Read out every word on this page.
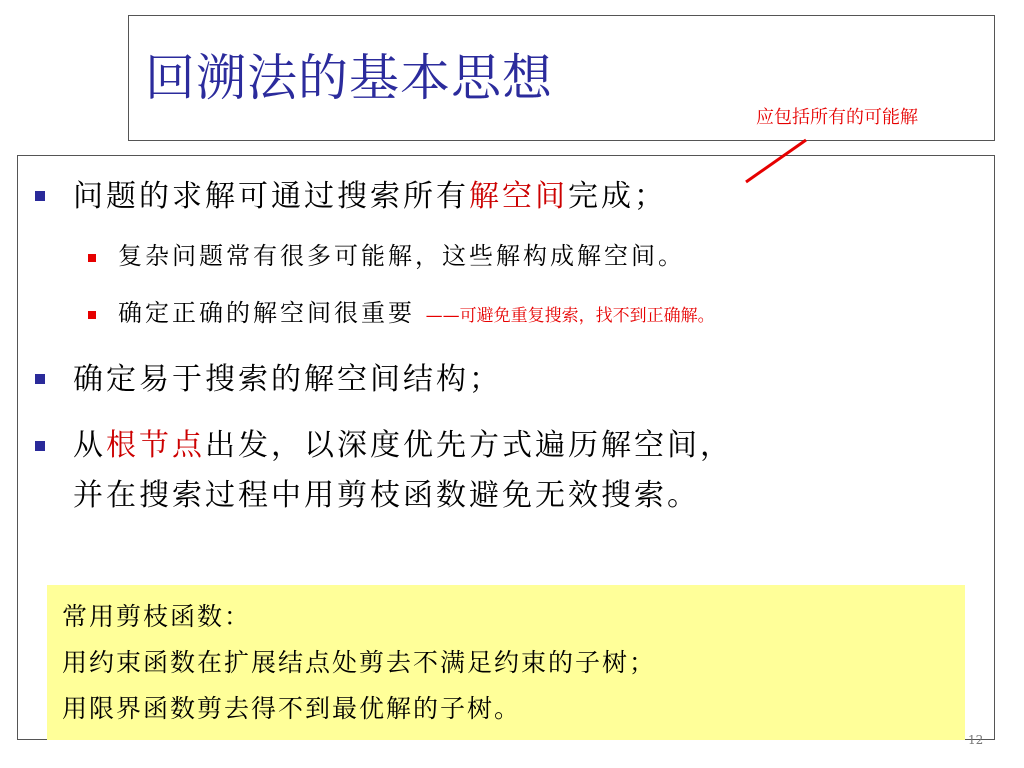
回溯法的基本思想
应包括所有的可能解
问题的求解可通过搜索所有解空间完成；
复杂问题常有很多可能解，这些解构成解空间。
确定正确的解空间很重要 ——可避免重复搜索，找不到正确解。
确定易于搜索的解空间结构；
从根节点出发，以深度优先方式遍历解空间，
并在搜索过程中用剪枝函数避免无效搜索。
常用剪枝函数：
用约束函数在扩展结点处剪去不满足约束的子树；
用限界函数剪去得不到最优解的子树。
12
